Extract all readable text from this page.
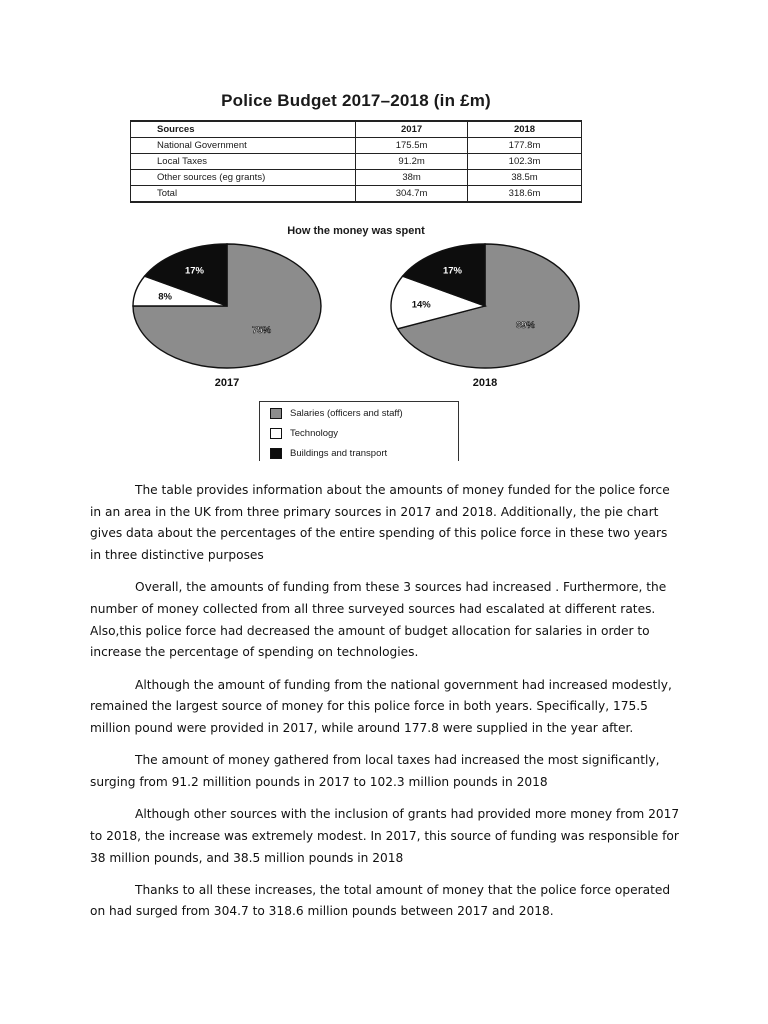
Police Budget 2017–2018 (in £m)
Sources	2017	2018
National Government	175.5m	177.8m
Local Taxes	91.2m	102.3m
Other sources (eg grants)	38m	38.5m
Total	304.7m	318.6m
How the money was spent
75%
8%
17%
2017
69%
14%
17%
2018
Salaries (officers and staff)
Technology
Buildings and transport

The table provides information about the amounts of money funded for the police force in an area in the UK from three primary sources in 2017 and 2018. Additionally, the pie chart gives data about the percentages of the entire spending of this police force in these two years in three distinctive purposes

Overall, the amounts of funding from these 3 sources had increased . Furthermore, the number of money collected from all three surveyed sources had escalated at different rates. Also,this police force had decreased the amount of budget allocation for salaries in order to increase the percentage of spending on technologies.

Although the amount of funding from the national government had increased modestly, remained the largest source of money for this police force in both years. Specifically, 175.5 million pound were provided in 2017, while around 177.8 were supplied in the year after.

The amount of money gathered from local taxes had increased the most significantly, surging from 91.2 millition pounds in 2017 to 102.3 million pounds in 2018

Although other sources with the inclusion of grants had provided more money from 2017 to 2018, the increase was extremely modest. In 2017, this source of funding was responsible for 38 million pounds, and 38.5 million pounds in 2018

Thanks to all these increases, the total amount of money that the police force operated on had surged from 304.7 to 318.6 million pounds between 2017 and 2018.
